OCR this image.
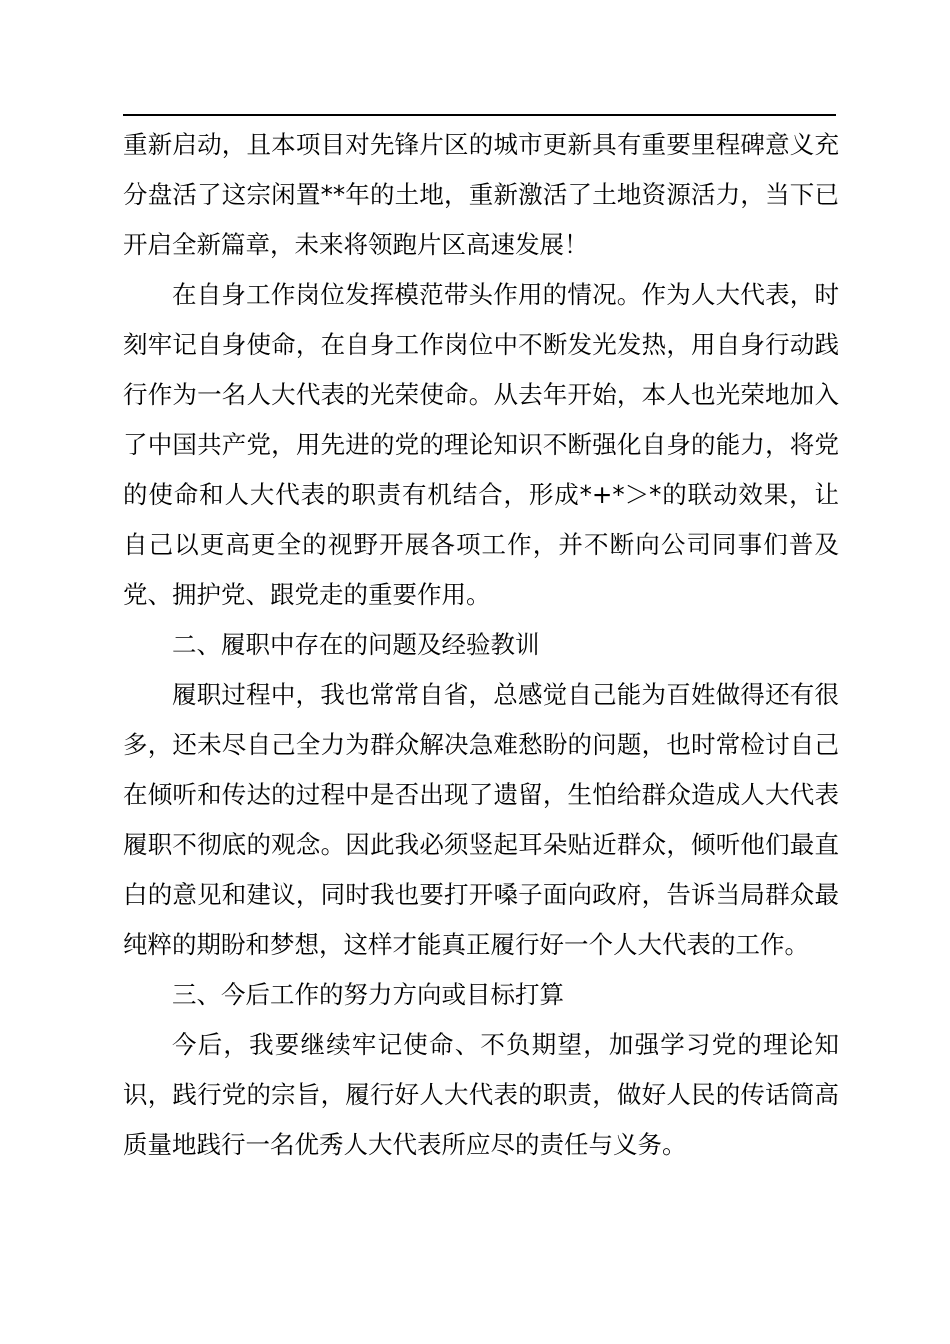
重新启动，且本项目对先锋片区的城市更新具有重要里程碑意义充分盘活了这宗闲置**年的土地，重新激活了土地资源活力，当下已开启全新篇章，未来将领跑片区高速发展！

在自身工作岗位发挥模范带头作用的情况。作为人大代表，时刻牢记自身使命，在自身工作岗位中不断发光发热，用自身行动践行作为一名人大代表的光荣使命。从去年开始，本人也光荣地加入了中国共产党，用先进的党的理论知识不断强化自身的能力，将党的使命和人大代表的职责有机结合，形成*+*＞*的联动效果，让自己以更高更全的视野开展各项工作，并不断向公司同事们普及党、拥护党、跟党走的重要作用。

二、履职中存在的问题及经验教训

履职过程中，我也常常自省，总感觉自己能为百姓做得还有很多，还未尽自己全力为群众解决急难愁盼的问题，也时常检讨自己在倾听和传达的过程中是否出现了遗留，生怕给群众造成人大代表履职不彻底的观念。因此我必须竖起耳朵贴近群众，倾听他们最直白的意见和建议，同时我也要打开嗓子面向政府，告诉当局群众最纯粹的期盼和梦想，这样才能真正履行好一个人大代表的工作。

三、今后工作的努力方向或目标打算

今后，我要继续牢记使命、不负期望，加强学习党的理论知识，践行党的宗旨，履行好人大代表的职责，做好人民的传话筒高质量地践行一名优秀人大代表所应尽的责任与义务。
